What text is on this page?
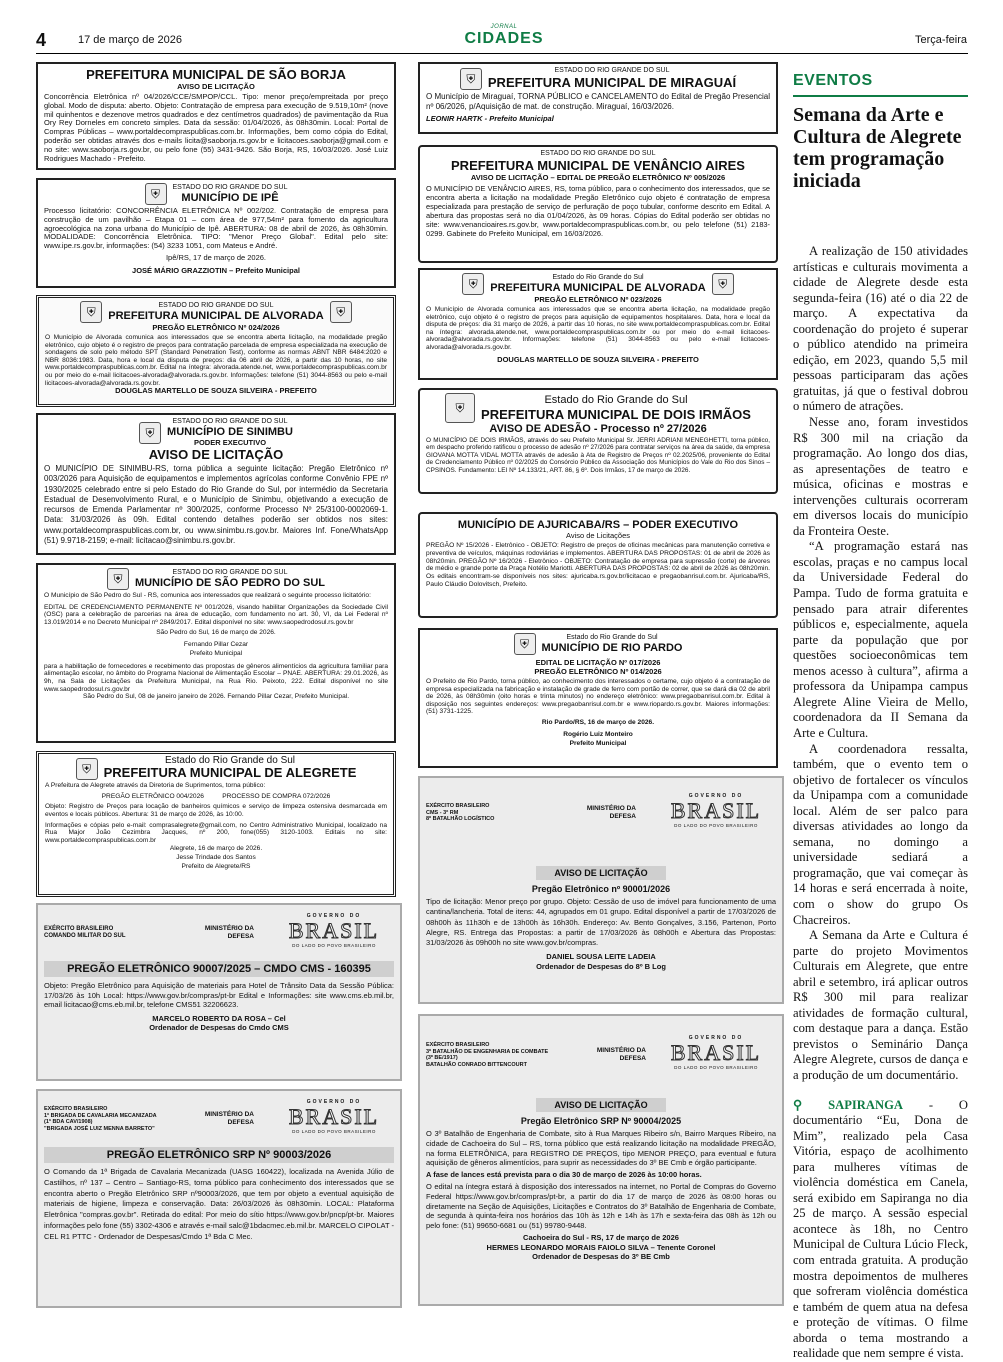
4	17 de março de 2026
JORNAL
CIDADES	Terça-feira
PREFEITURA MUNICIPAL DE SÃO BORJA
AVISO DE LICITAÇÃO
Concorrência Eletrônica nº 04/2026/CCE/SMPOP/CCL. Tipo: menor preço/empreitada por preço global. Modo de disputa: aberto. Objeto: Contratação de empresa para execução de 9.519,10m² (nove mil quinhentos e dezenove metros quadrados e dez centímetros quadrados) de pavimentação da Rua Ory Rey Dorneles em concreto simples. Data da sessão: 01/04/2026, às 08h30min. Local: Portal de Compras Públicas – www.portaldecompraspublicas.com.br. Informações, bem como cópia do Edital, poderão ser obtidas através dos e-mails licita@saoborja.rs.gov.br e licitacoes.saoborja@gmail.com e no site: www.saoborja.rs.gov.br, ou pelo fone (55) 3431-9426. São Borja, RS, 16/03/2026. José Luiz Rodrigues Machado - Prefeito.
⛨	ESTADO DO RIO GRANDE DO SUL
MUNICÍPIO DE IPÊ
Processo licitatório: CONCORRÊNCIA ELETRÔNICA Nº 002/202. Contratação de empresa para construção de um pavilhão – Etapa 01 – com área de 977,54m² para fomento da agricultura agroecológica na zona urbana do Município de Ipê. ABERTURA: 08 de abril de 2026, às 08h30min. MODALIDADE: Concorrência Eletrônica. TIPO: "Menor Preço Global". Edital pelo site: www.ipe.rs.gov.br, informações: (54) 3233 1051, com Mateus e André.
Ipê/RS, 17 de março de 2026.
JOSÉ MÁRIO GRAZZIOTIN – Prefeito Municipal
⛨	ESTADO DO RIO GRANDE DO SUL
PREFEITURA MUNICIPAL DE ALVORADA	⛨
PREGÃO ELETRÔNICO Nº 024/2026
O Município de Alvorada comunica aos interessados que se encontra aberta licitação, na modalidade pregão eletrônico, cujo objeto é o registro de preços para contratação parcelada de empresa especializada na execução de sondagens de solo pelo método SPT (Standard Penetration Test), conforme as normas ABNT NBR 6484:2020 e NBR 8036:1983. Data, hora e local da disputa de preços: dia 06 abril de 2026, a partir das 10 horas, no site www.portaldecompraspublicas.com.br. Edital na íntegra: alvorada.atende.net, www.portaldecompraspublicas.com.br ou por meio do e-mail licitacoes-alvorada@alvorada.rs.gov.br. Informações: telefone (51) 3044-8563 ou pelo e-mail licitacoes-alvorada@alvorada.rs.gov.br.
DOUGLAS MARTELLO DE SOUZA SILVEIRA - PREFEITO
⛨
ESTADO DO RIO GRANDE DO SUL
MUNICÍPIO DE SINIMBU
PODER EXECUTIVO
AVISO DE LICITAÇÃO
O MUNICÍPIO DE SINIMBU-RS, torna pública a seguinte licitação: Pregão Eletrônico nº 003/2026 para Aquisição de equipamentos e implementos agrícolas conforme Convênio FPE nº 1930/2025 celebrado entre si pelo Estado do Rio Grande do Sul, por intermédio da Secretaria Estadual de Desenvolvimento Rural, e o Município de Sinimbu, objetivando a execução de recursos de Emenda Parlamentar nº 300/2025, conforme Processo Nº 25/3100-0002069-1. Data: 31/03/2026 às 09h. Edital contendo detalhes poderão ser obtidos nos sites: www.portaldecompraspublicas.com.br, ou www.sinimbu.rs.gov.br. Maiores Inf. Fone/WhatsApp (51) 9.9718-2159; e-mail: licitacao@sinimbu.rs.gov.br.
⛨	ESTADO DO RIO GRANDE DO SUL
MUNICÍPIO DE SÃO PEDRO DO SUL
O Município de São Pedro do Sul - RS, comunica aos interessados que realizará o seguinte processo licitatório:
EDITAL DE CREDENCIAMENTO PERMANENTE Nº 001/2026, visando habilitar Organizações da Sociedade Civil (OSC) para a celebração de parcerias na área de educação, com fundamento no art. 30, VI, da Lei Federal nº 13.019/2014 e no Decreto Municipal nº 2849/2017. Edital disponível no site: www.saopedrodosul.rs.gov.br
São Pedro do Sul, 16 de março de 2026.
Fernando Pillar Cezar
Prefeito Municipal
para a habilitação de fornecedores e recebimento das propostas de gêneros alimentícios da agricultura familiar para alimentação escolar, no âmbito do Programa Nacional de Alimentação Escolar – PNAE. ABERTURA: 29.01.2026, às 9h, na Sala de Licitações da Prefeitura Municipal, na Rua Rio. Peixoto, 222. Edital disponível no site www.saopedrodosul.rs.gov.br
São Pedro do Sul, 08 de janeiro janeiro de 2026. Fernando Pillar Cezar, Prefeito Municipal.
⛨
Estado do Rio Grande do Sul
PREFEITURA MUNICIPAL DE ALEGRETE
A Prefeitura de Alegrete através da Diretoria de Suprimentos, torna público:
PREGÃO ELETRÔNICO 004/2026          PROCESSO DE COMPRA 072/2026
Objeto: Registro de Preços para locação de banheiros químicos e serviço de limpeza ostensiva desmarcada em eventos e locais públicos. Abertura: 31 de março de 2026, às 10:00.
Informações e cópias pelo e-mail: comprasalegrete@gmail.com, no Centro Administrativo Municipal, localizado na Rua Major João Cezimbra Jacques, nº 200, fone(055) 3120-1003. Editais no site: www.portaldecompraspublicas.com.br
Alegrete, 16 de março de 2026.
Jesse Trindade dos Santos
Prefeito de Alegrete/RS
EXÉRCITO BRASILEIRO
COMANDO MILITAR DO SUL
MINISTÉRIO DA
DEFESA
GOVERNO DO
BRASIL
DO LADO DO POVO BRASILEIRO
PREGÃO ELETRÔNICO 90007/2025 – CMDO CMS - 160395
Objeto: Pregão Eletrônico para Aquisição de materiais para Hotel de Trânsito Data da Sessão Pública: 17/03/26 às 10h Local: https://www.gov.br/compras/pt-br Edital e Informações: site www.cms.eb.mil.br, email licitacao@cms.eb.mil.br, telefone CMS51 32206623.
MARCELO ROBERTO DA ROSA – Cel
Ordenador de Despesas do Cmdo CMS
EXÉRCITO BRASILEIRO
1ª BRIGADA DE CAVALARIA MECANIZADA
(1ª BDA CAV/1908)
"BRIGADA JOSÉ LUIZ MENNA BARRETO"
MINISTÉRIO DA
DEFESA
GOVERNO DO
BRASIL
DO LADO DO POVO BRASILEIRO
PREGÃO ELETRÔNICO SRP Nº 90003/2026
O Comando da 1ª Brigada de Cavalaria Mecanizada (UASG 160422), localizada na Avenida Júlio de Castilhos, nº 137 – Centro – Santiago-RS, torna público para conhecimento dos interessados que se encontra aberto o Pregão Eletrônico SRP nº90003/2026, que tem por objeto a eventual aquisição de materiais de higiene, limpeza e conservação. Data: 26/03/2026 às 08h30min. LOCAL: Plataforma Eletrônica "compras.gov.br". Retirada do edital: Por meio do sítio https://www.gov.br/pncp/pt-br. Maiores informações pelo fone (55) 3302-4306 e através e-mail salc@1bdacmec.eb.mil.br. MARCELO CIPOLAT - CEL R1 PTTC - Ordenador de Despesas/Cmdo 1ª Bda C Mec.
⛨
ESTADO DO RIO GRANDE DO SUL
PREFEITURA MUNICIPAL DE MIRAGUAÍ
O Município de Miraguaí, TORNA PÚBLICO e CANCELAMENTO do Edital de Pregão Presencial nº 06/2026, p/Aquisição de mat. de construção. Miraguaí, 16/03/2026.
LEONIR HARTK - Prefeito Municipal
ESTADO DO RIO GRANDE DO SUL
PREFEITURA MUNICIPAL DE VENÂNCIO AIRES
AVISO DE LICITAÇÃO – EDITAL DE PREGÃO ELETRÔNICO Nº 005/2026
O MUNICÍPIO DE VENÂNCIO AIRES, RS, torna público, para o conhecimento dos interessados, que se encontra aberta a licitação na modalidade Pregão Eletrônico cujo objeto é contratação de empresa especializada para prestação de serviço de perfuração de poço tubular, conforme descrito em Edital. A abertura das propostas será no dia 01/04/2026, às 09 horas. Cópias do Edital poderão ser obtidas no site: www.venancioaires.rs.gov.br, www.portaldecompraspublicas.com.br, ou pelo telefone (51) 2183-0299. Gabinete do Prefeito Municipal, em 16/03/2026.
⛨	Estado do Rio Grande do Sul
PREFEITURA MUNICIPAL DE ALVORADA	⛨
PREGÃO ELETRÔNICO Nº 023/2026
O Município de Alvorada comunica aos interessados que se encontra aberta licitação, na modalidade pregão eletrônico, cujo objeto é o registro de preços para aquisição de equipamentos hospitalares. Data, hora e local da disputa de preços: dia 31 março de 2026, a partir das 10 horas, no site www.portaldecompraspublicas.com.br. Edital na íntegra: alvorada.atende.net, www.portaldecompraspublicas.com.br ou por meio do e-mail licitacoes-alvorada@alvorada.rs.gov.br. Informações: telefone (51) 3044-8563 ou pelo e-mail licitacoes-alvorada@alvorada.rs.gov.br.
DOUGLAS MARTELLO DE SOUZA SILVEIRA - PREFEITO
⛨
Estado do Rio Grande do Sul
PREFEITURA MUNICIPAL DE DOIS IRMÃOS
AVISO DE ADESÃO - Processo nº 27/2026
O MUNICÍPIO DE DOIS IRMÃOS, através do seu Prefeito Municipal Sr. JERRI ADRIANI MENEGHETTI, torna público, em despacho proferido ratificou o processo de adesão nº 27/2026 para contratar serviços na área da saúde, da empresa GIOVANA MOTTA VIDAL MOTTA através de adesão à Ata de Registro de Preços nº 02.2025/06, proveniente do Edital de Credenciamento Público nº 02/2025 do Consórcio Público da Associação dos Municípios do Vale do Rio dos Sinos – CPSINOS. Fundamento: LEI Nº 14.133/21, ART. 86, § 6º. Dois Irmãos, 17 de março de 2026.
MUNICÍPIO DE AJURICABA/RS – PODER EXECUTIVO
Aviso de Licitações
PREGÃO Nº 15/2026 - Eletrônico - OBJETO: Registro de preços de oficinas mecânicas para manutenção corretiva e preventiva de veículos, máquinas rodoviárias e implementos. ABERTURA DAS PROPOSTAS: 01 de abril de 2026 às 08h20min. PREGÃO Nº 16/2026 - Eletrônico - OBJETO: Contratação de empresa para supressão (corte) de árvores de médio e grande porte da Praça Notélio Mariotti. ABERTURA DAS PROPOSTAS: 02 de abril de 2026 às 08h20min. Os editais encontram-se disponíveis nos sites: ajuricaba.rs.gov.br/licitacao e pregaobanrisul.com.br. Ajuricaba/RS, Paulo Cláudio Dolovitsch, Prefeito.
⛨	Estado do Rio Grande do Sul
MUNICÍPIO DE RIO PARDO
EDITAL DE LICITAÇÃO Nº 017/2026
PREGÃO ELETRÔNICO Nº 014/2026
O Prefeito de Rio Pardo, torna público, ao conhecimento dos interessados o certame, cujo objeto é a contratação de empresa especializada na fabricação e instalação de grade de ferro com portão de correr, que se dará dia 02 de abril de 2026, às 08h30min (oito horas e trinta minutos) no endereço eletrônico: www.pregaobanrisul.com.br. Edital à disposição nos seguintes endereços: www.pregaobanrisul.com.br e www.riopardo.rs.gov.br. Maiores informações: (51) 3731-1225.
Rio Pardo/RS, 16 de março de 2026.
Rogério Luiz Monteiro
Prefeito Municipal
EXÉRCITO BRASILEIRO
CMS - 3ª RM
8º BATALHÃO LOGÍSTICO
MINISTÉRIO DA
DEFESA
GOVERNO DO
BRASIL
DO LADO DO POVO BRASILEIRO
AVISO DE LICITAÇÃO
Pregão Eletrônico nº 90001/2026
Tipo de licitação: Menor preço por grupo. Objeto: Cessão de uso de imóvel para funcionamento de uma cantina/lancheria. Total de itens: 44, agrupados em 01 grupo. Edital disponível a partir de 17/03/2026 de 08h00h às 11h30h e de 13h00h às 16h30h. Endereço: Av. Bento Gonçalves, 3.156, Partenon, Porto Alegre, RS. Entrega das Propostas: a partir de 17/03/2026 às 08h00h e Abertura das Propostas: 31/03/2026 às 09h00h no site www.gov.br/compras.
DANIEL SOUSA LEITE LADEIA
Ordenador de Despesas do 8º B Log
EXÉRCITO BRASILEIRO
3º BATALHÃO DE ENGENHARIA DE COMBATE
(3º BE/1917)
BATALHÃO CONRADO BITTENCOURT
MINISTÉRIO DA
DEFESA
GOVERNO DO
BRASIL
DO LADO DO POVO BRASILEIRO
AVISO DE LICITAÇÃO
Pregão Eletrônico SRP Nº 90004/2025
O 3º Batalhão de Engenharia de Combate, sito à Rua Marques Ribeiro s/n, Bairro Marques Ribeiro, na cidade de Cachoeira do Sul – RS, torna público que está realizando licitação na modalidade PREGÃO, na forma ELETRÔNICA, para REGISTRO DE PREÇOS, tipo MENOR PREÇO, para eventual e futura aquisição de gêneros alimentícios, para suprir as necessidades do 3º BE Cmb e órgão participante.
A fase de lances está prevista para o dia 30 de março de 2026 às 10:00 horas.
O edital na íntegra estará à disposição dos interessados na internet, no Portal de Compras do Governo Federal https://www.gov.br/compras/pt-br, a partir do dia 17 de março de 2026 às 08:00 horas ou diretamente na Seção de Aquisições, Licitações e Contratos do 3º Batalhão de Engenharia de Combate, de segunda à quinta-feira nos horários das 10h às 12h e 14h às 17h e sexta-feira das 08h às 12h ou pelo fone: (51) 99650-6681 ou (51) 99780-9448.
Cachoeira do Sul - RS, 17 de março de 2026
HERMES LEONARDO MORAIS FAIOLO SILVA – Tenente Coronel
Ordenador de Despesas do 3º BE Cmb
EVENTOS
Semana da Arte e Cultura de Alegrete tem programação iniciada

A realização de 150 atividades artísticas e culturais movimenta a cidade de Alegrete desde esta segunda-feira (16) até o dia 22 de março. A expectativa da coordenação do projeto é superar o público atendido na primeira edição, em 2023, quando 5,5 mil pessoas participaram das ações gratuitas, já que o festival dobrou o número de atrações.

Nesse ano, foram investidos R$ 300 mil na criação da programação. Ao longo dos dias, as apresentações de teatro e música, oficinas e mostras e intervenções culturais ocorreram em diversos locais do município da Fronteira Oeste.

“A programação estará nas escolas, praças e no campus local da Universidade Federal do Pampa. Tudo de forma gratuita e pensado para atrair diferentes públicos e, especialmente, aquela parte da população que por questões socioeconômicas tem menos acesso à cultura”, afirma a professora da Unipampa campus Alegrete Aline Vieira de Mello, coordenadora da II Semana da Arte e Cultura.

A coordenadora ressalta, também, que o evento tem o objetivo de fortalecer os vínculos da Unipampa com a comunidade local. Além de ser palco para diversas atividades ao longo da semana, no domingo a universidade sediará a programação, que vai começar às 14 horas e será encerrada à noite, com o show do grupo Os Chacreiros.

A Semana da Arte e Cultura é parte do projeto Movimentos Culturais em Alegrete, que entre abril e setembro, irá aplicar outros R$ 300 mil para realizar atividades de formação cultural, com destaque para a dança. Estão previstos o Seminário Dança Alegre Alegrete, cursos de dança e a produção de um documentário.

⚲ SAPIRANGA - O documentário “Eu, Dona de Mim”, realizado pela Casa Vitória, espaço de acolhimento para mulheres vítimas de violência doméstica em Canela, será exibido em Sapiranga no dia 25 de março. A sessão especial acontece às 18h, no Centro Municipal de Cultura Lúcio Fleck, com entrada gratuita. A produção mostra depoimentos de mulheres que sofreram violência doméstica e também de quem atua na defesa e proteção de vítimas. O filme aborda o tema mostrando a realidade que nem sempre é vista.
